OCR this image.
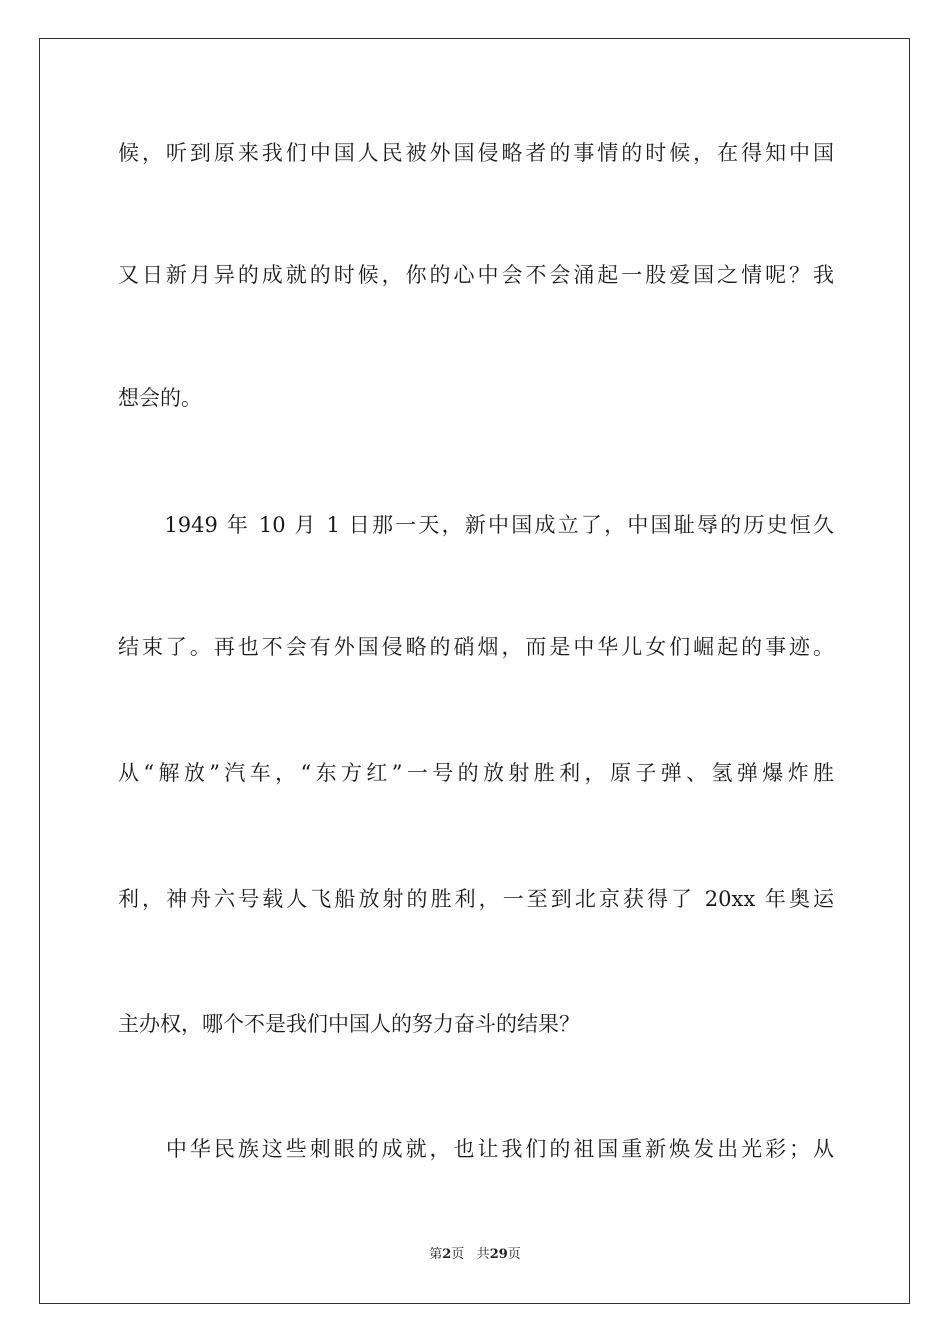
候，听到原来我们中国人民被外国侵略者的事情的时候，在得知中国
又日新月异的成就的时候，你的心中会不会涌起一股爱国之情呢？我
想会的。
　　1949 年 10 月 1 日那一天，新中国成立了，中国耻辱的历史恒久
结束了。再也不会有外国侵略的硝烟，而是中华儿女们崛起的事迹。
从“解放”汽车，“东方红”一号的放射胜利，原子弹、氢弹爆炸胜
利，神舟六号载人飞船放射的胜利，一至到北京获得了 20xx 年奥运
主办权，哪个不是我们中国人的努力奋斗的结果？
　　中华民族这些刺眼的成就，也让我们的祖国重新焕发出光彩；从
第2页 共29页
